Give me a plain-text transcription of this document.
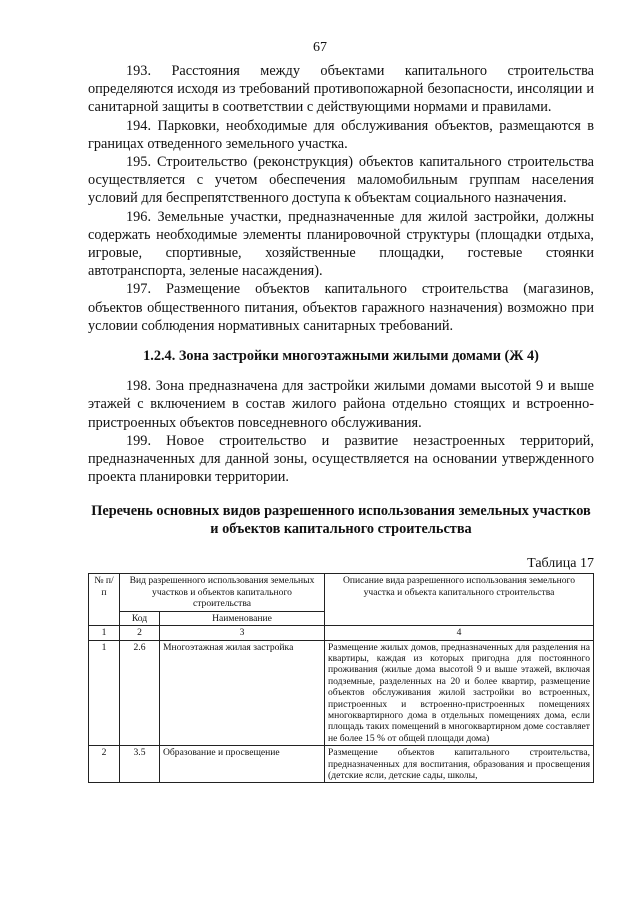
67

193. Расстояния между объектами капитального строительства определяются исходя из требований противопожарной безопасности, инсоляции и санитарной защиты в соответствии с действующими нормами и правилами.

194. Парковки, необходимые для обслуживания объектов, размещаются в границах отведенного земельного участка.

195. Строительство (реконструкция) объектов капитального строительства осуществляется с учетом обеспечения маломобильным группам населения условий для беспрепятственного доступа к объектам социального назначения.

196. Земельные участки, предназначенные для жилой застройки, должны содержать необходимые элементы планировочной структуры (площадки отдыха, игровые, спортивные, хозяйственные площадки, гостевые стоянки автотранспорта, зеленые насаждения).

197. Размещение объектов капитального строительства (магазинов, объектов общественного питания, объектов гаражного назначения) возможно при условии соблюдения нормативных санитарных требований.

1.2.4. Зона застройки многоэтажными жилыми домами (Ж 4)

198. Зона предназначена для застройки жилыми домами высотой 9 и выше этажей с включением в состав жилого района отдельно стоящих и встроенно-пристроенных объектов повседневного обслуживания.

199. Новое строительство и развитие незастроенных территорий, предназначенных для данной зоны, осуществляется на основании утвержденного проекта планировки территории.

Перечень основных видов разрешенного использования земельных участков и объектов капитального строительства
Таблица 17
№ п/п	Вид разрешенного использования земельных участков и объектов капитального строительства		Описание вида разрешенного использования земельного участка и объекта капитального строительства
	Код	Наименование	
1	2	3	4
1	2.6	Многоэтажная жилая застройка	Размещение жилых домов, предназначенных для разделения на квартиры, каждая из которых пригодна для постоянного проживания (жилые дома высотой 9 и выше этажей, включая подземные, разделенных на 20 и более квартир, размещение объектов обслуживания жилой застройки во встроенных, пристроенных и встроенно-пристроенных помещениях многоквартирного дома в отдельных помещениях дома, если площадь таких помещений в многоквартирном доме составляет не более 15 % от общей площади дома)
2	3.5	Образование и просвещение	Размещение объектов капитального строительства, предназначенных для воспитания, образования и просвещения (детские ясли, детские сады, школы,
